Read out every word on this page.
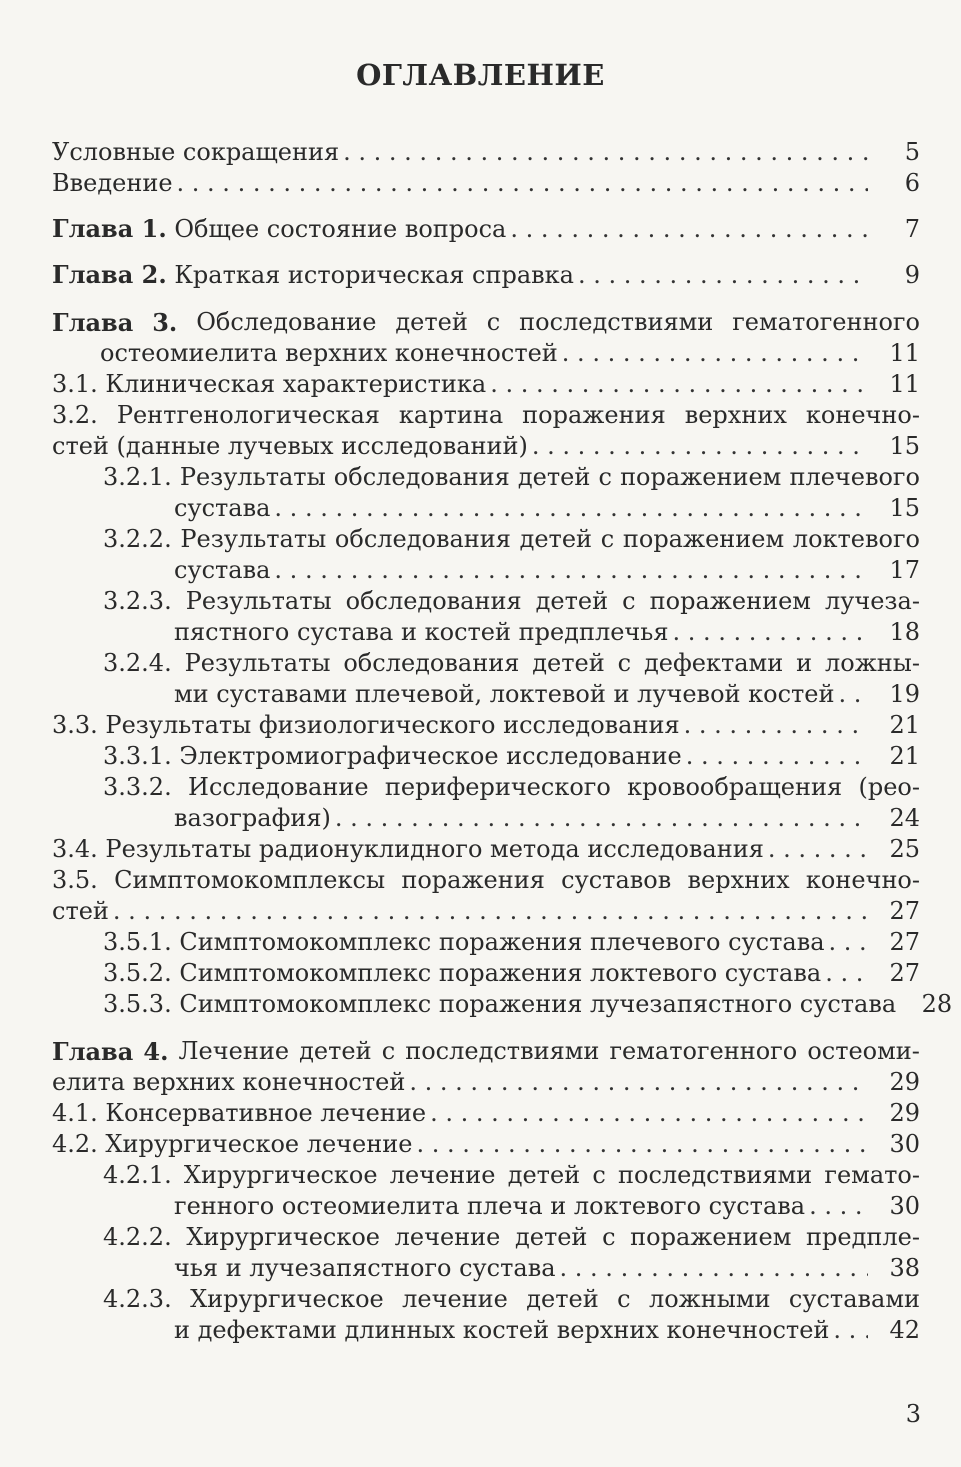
ОГЛАВЛЕНИЕ
Условные сокращения . . .	5
Введение . . .	6
Глава 1. Общее состояние вопроса . . .	7
Глава 2. Краткая историческая справка . . .	9
Глава 3. Обследование детей с последствиями гематогенного
остеомиелита верхних конечностей . . .	11
3.1. Клиническая характеристика . . .	11
3.2. Рентгенологическая картина поражения верхних конечно-
стей (данные лучевых исследований) . . .	15
3.2.1. Результаты обследования детей с поражением плечевого
сустава . . .	15
3.2.2. Результаты обследования детей с поражением локтевого
сустава . . .	17
3.2.3. Результаты обследования детей с поражением лучеза-
пястного сустава и костей предплечья . . .	18
3.2.4. Результаты обследования детей с дефектами и ложны-
ми суставами плечевой, локтевой и лучевой костей . . .	19
3.3. Результаты физиологического исследования . . .	21
3.3.1. Электромиографическое исследование . . .	21
3.3.2. Исследование периферического кровообращения (рео-
вазография) . . .	24
3.4. Результаты радионуклидного метода исследования . . .	25
3.5. Симптомокомплексы поражения суставов верхних конечно-
стей . . .	27
3.5.1. Симптомокомплекс поражения плечевого сустава . . .	27
3.5.2. Симптомокомплекс поражения локтевого сустава . . .	27
3.5.3. Симптомокомплекс поражения лучезапястного сустава	28
Глава 4. Лечение детей с последствиями гематогенного остеоми-
елита верхних конечностей . . .	29
4.1. Консервативное лечение . . .	29
4.2. Хирургическое лечение . . .	30
4.2.1. Хирургическое лечение детей с последствиями гемато-
генного остеомиелита плеча и локтевого сустава . . .	30
4.2.2. Хирургическое лечение детей с поражением предпле-
чья и лучезапястного сустава . . .	38
4.2.3. Хирургическое лечение детей с ложными суставами
и дефектами длинных костей верхних конечностей . . .	42
3
